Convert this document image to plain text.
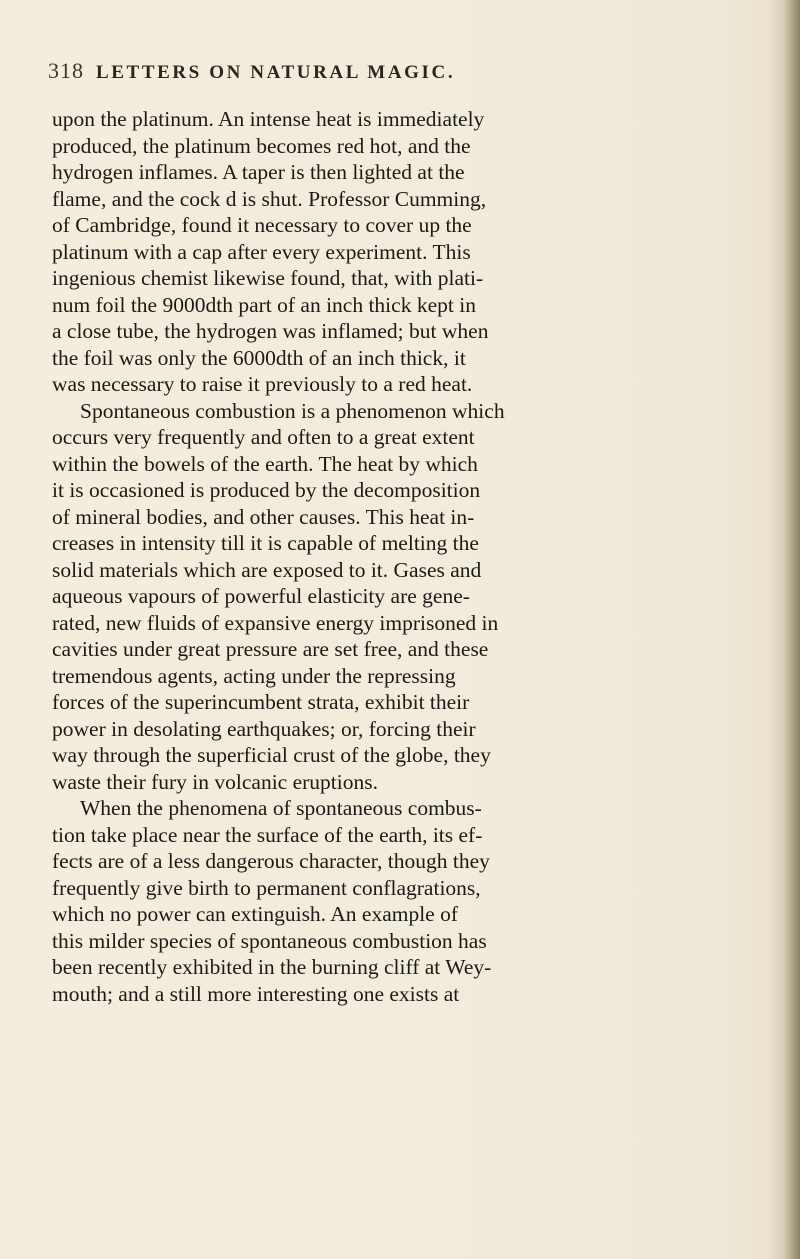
318 LETTERS ON NATURAL MAGIC.
upon the platinum. An intense heat is immediately
produced, the platinum becomes red hot, and the
hydrogen inflames. A taper is then lighted at the
flame, and the cock d is shut. Professor Cumming,
of Cambridge, found it necessary to cover up the
platinum with a cap after every experiment. This
ingenious chemist likewise found, that, with plati-
num foil the 9000dth part of an inch thick kept in
a close tube, the hydrogen was inflamed; but when
the foil was only the 6000dth of an inch thick, it
was necessary to raise it previously to a red heat.
Spontaneous combustion is a phenomenon which
occurs very frequently and often to a great extent
within the bowels of the earth. The heat by which
it is occasioned is produced by the decomposition
of mineral bodies, and other causes. This heat in-
creases in intensity till it is capable of melting the
solid materials which are exposed to it. Gases and
aqueous vapours of powerful elasticity are gene-
rated, new fluids of expansive energy imprisoned in
cavities under great pressure are set free, and these
tremendous agents, acting under the repressing
forces of the superincumbent strata, exhibit their
power in desolating earthquakes; or, forcing their
way through the superficial crust of the globe, they
waste their fury in volcanic eruptions.
When the phenomena of spontaneous combus-
tion take place near the surface of the earth, its ef-
fects are of a less dangerous character, though they
frequently give birth to permanent conflagrations,
which no power can extinguish. An example of
this milder species of spontaneous combustion has
been recently exhibited in the burning cliff at Wey-
mouth; and a still more interesting one exists at
